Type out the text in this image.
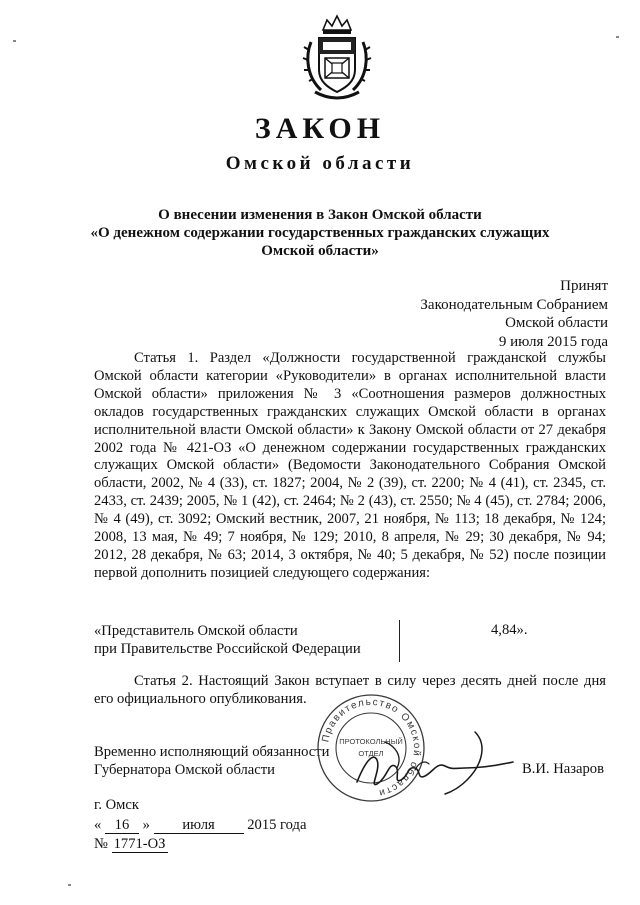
ЗАКОН
Омской области
О внесении изменения в Закон Омской области
«О денежном содержании государственных гражданских служащих
Омской области»
Принят
Законодательным Собранием
Омской области
9 июля 2015 года
Статья 1. Раздел «Должности государственной гражданской службы Омской области категории «Руководители» в органах исполнительной власти Омской области» приложения № 3 «Соотношения размеров должностных окладов государственных гражданских служащих Омской области в органах исполнительной власти Омской области» к Закону Омской области от 27 декабря 2002 года № 421-ОЗ «О денежном содержании государственных гражданских служащих Омской области» (Ведомости Законодательного Собрания Омской области, 2002, № 4 (33), ст. 1827; 2004, № 2 (39), ст. 2200; № 4 (41), ст. 2345, ст. 2433, ст. 2439; 2005, № 1 (42), ст. 2464; № 2 (43), ст. 2550; № 4 (45), ст. 2784; 2006, № 4 (49), ст. 3092; Омский вестник, 2007, 21 ноября, № 113; 18 декабря, № 124; 2008, 13 мая, № 49; 7 ноября, № 129; 2010, 8 апреля, № 29; 30 декабря, № 94; 2012, 28 декабря, № 63; 2014, 3 октября, № 40; 5 декабря, № 52) после позиции первой дополнить позицией следующего содержания:
«Представитель Омской области
при Правительстве Российской Федерации
4,84».
Статья 2. Настоящий Закон вступает в силу через десять дней после дня его официального опубликования.
Временно исполняющий обязанности
Губернатора Омской области
Правительство Омской области
ПРОТОКОЛЬНЫЙ
ОТДЕЛ
В.И. Назаров
г. Омск
« 16 » июля 2015 года
№ 1771-ОЗ
